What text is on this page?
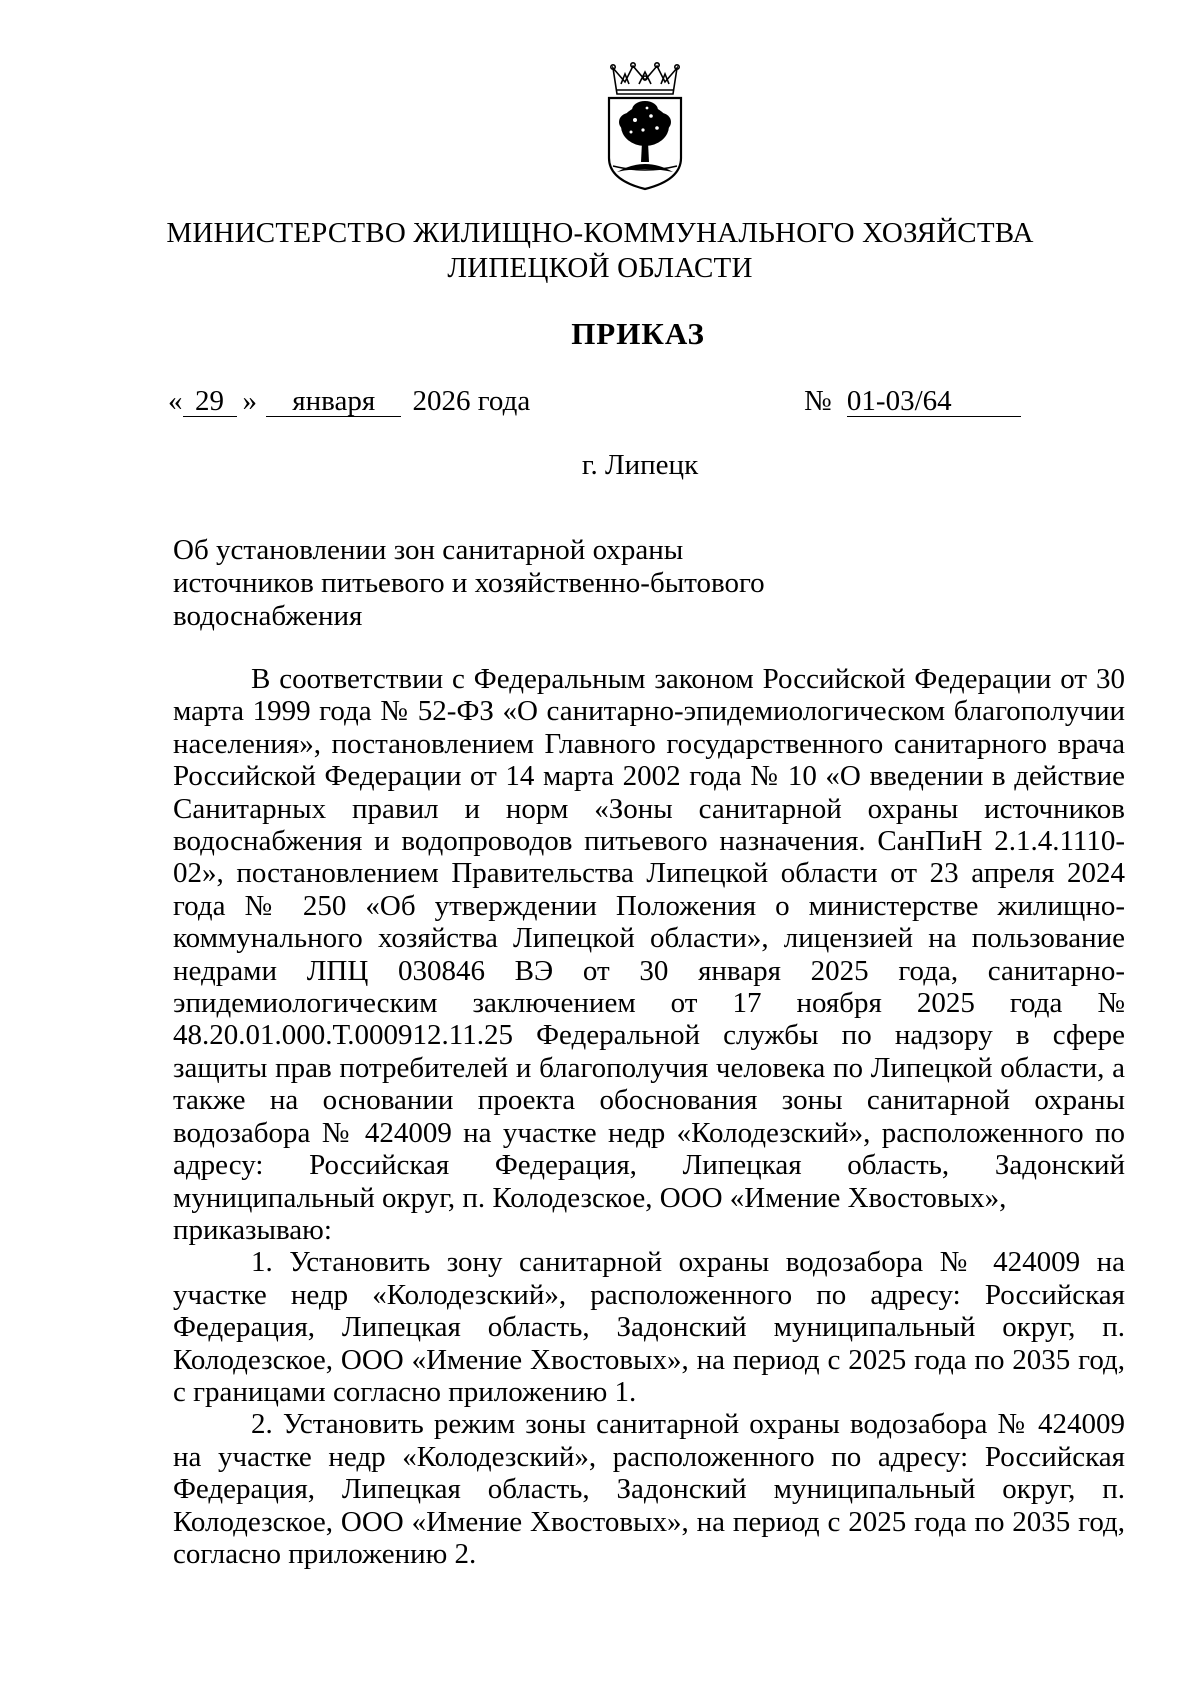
МИНИСТЕРСТВО ЖИЛИЩНО-КОММУНАЛЬНОГО ХОЗЯЙСТВА
ЛИПЕЦКОЙ ОБЛАСТИ
ПРИКАЗ
« 29 » января 2026 года	№ 01-03/64
г. Липецк
Об установлении зон санитарной охраны
источников питьевого и хозяйственно-бытового
водоснабжения

В соответствии с Федеральным законом Российской Федерации от 30 марта 1999 года № 52-ФЗ «О санитарно-эпидемиологическом благополучии населения», постановлением Главного государственного санитарного врача Российской Федерации от 14 марта 2002 года № 10 «О введении в действие Санитарных правил и норм «Зоны санитарной охраны источников водоснабжения и водопроводов питьевого назначения. СанПиН 2.1.4.1110-02», постановлением Правительства Липецкой области от 23 апреля 2024 года № 250 «Об утверждении Положения о министерстве жилищно-коммунального хозяйства Липецкой области», лицензией на пользование недрами ЛПЦ 030846 ВЭ от 30 января 2025 года, санитарно-эпидемиологическим заключением от 17 ноября 2025 года № 48.20.01.000.Т.000912.11.25 Федеральной службы по надзору в сфере защиты прав потребителей и благополучия человека по Липецкой области, а также на основании проекта обоснования зоны санитарной охраны водозабора № 424009 на участке недр «Колодезский», расположенного по адресу: Российская Федерация, Липецкая область, Задонский муниципальный округ, п. Колодезское, ООО «Имение Хвостовых»,

приказываю:

1. Установить зону санитарной охраны водозабора № 424009 на участке недр «Колодезский», расположенного по адресу: Российская Федерация, Липецкая область, Задонский муниципальный округ, п. Колодезское, ООО «Имение Хвостовых», на период с 2025 года по 2035 год, с границами согласно приложению 1.

2. Установить режим зоны санитарной охраны водозабора № 424009 на участке недр «Колодезский», расположенного по адресу: Российская Федерация, Липецкая область, Задонский муниципальный округ, п. Колодезское, ООО «Имение Хвостовых», на период с 2025 года по 2035 год, согласно приложению 2.
